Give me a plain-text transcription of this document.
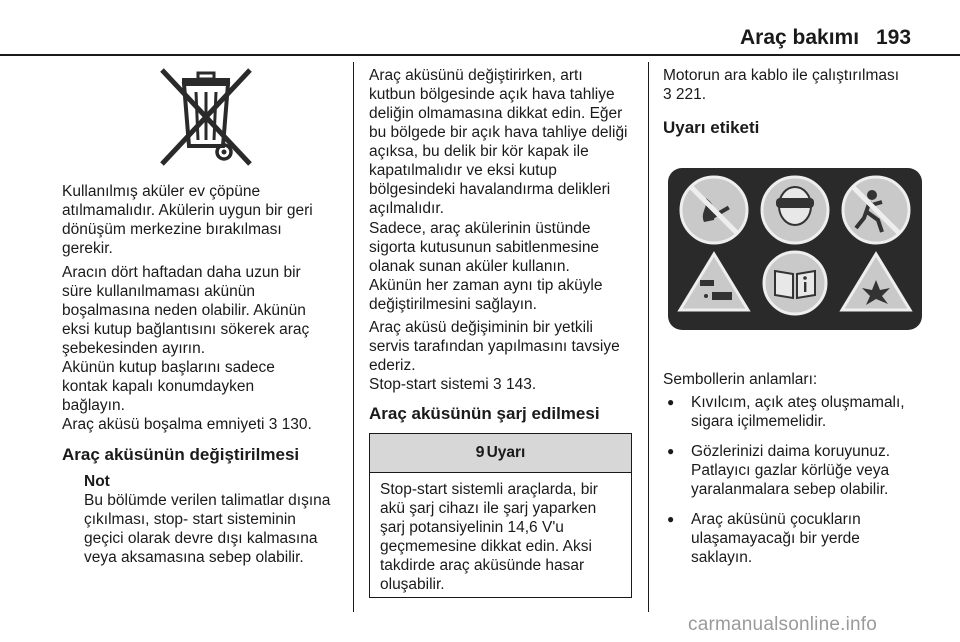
Araç bakımı 193

Kullanılmış aküler ev çöpüne
atılmamalıdır. Akülerin uygun bir geri
dönüşüm merkezine bırakılması
gerekir.

Aracın dört haftadan daha uzun bir
süre kullanılmaması akünün
boşalmasına neden olabilir. Akünün
eksi kutup bağlantısını sökerek araç
şebekesinden ayırın.

Akünün kutup başlarını sadece
kontak kapalı konumdayken
bağlayın.

Araç aküsü boşalma emniyeti 3 130.

Araç aküsünün değiştirilmesi

Not

Bu bölümde verilen talimatlar dışına
çıkılması, stop- start sisteminin
geçici olarak devre dışı kalmasına
veya aksamasına sebep olabilir.

Araç aküsünü değiştirirken, artı
kutbun bölgesinde açık hava tahliye
deliğin olmamasına dikkat edin. Eğer
bu bölgede bir açık hava tahliye deliği
açıksa, bu delik bir kör kapak ile
kapatılmalıdır ve eksi kutup
bölgesindeki havalandırma delikleri
açılmalıdır.

Sadece, araç akülerinin üstünde
sigorta kutusunun sabitlenmesine
olanak sunan aküler kullanın.

Akünün her zaman aynı tip aküyle
değiştirilmesini sağlayın.

Araç aküsü değişiminin bir yetkili
servis tarafından yapılmasını tavsiye
ederiz.

Stop-start sistemi 3 143.

Araç aküsünün şarj edilmesi
9 Uyarı
Stop-start sistemli araçlarda, bir
akü şarj cihazı ile şarj yaparken
şarj potansiyelinin 14,6 V'u
geçmemesine dikkat edin. Aksi
takdirde araç aküsünde hasar
oluşabilir.

Motorun ara kablo ile çalıştırılması
3 221.

Uyarı etiketi

Sembollerin anlamları:

● Kıvılcım, açık ateş oluşmamalı,
sigara içilmemelidir.
● Gözlerinizi daima koruyunuz.
Patlayıcı gazlar körlüğe veya
yaralanmalara sebep olabilir.
● Araç aküsünü çocukların
ulaşamayacağı bir yerde
saklayın.
carmanualsonline.info
